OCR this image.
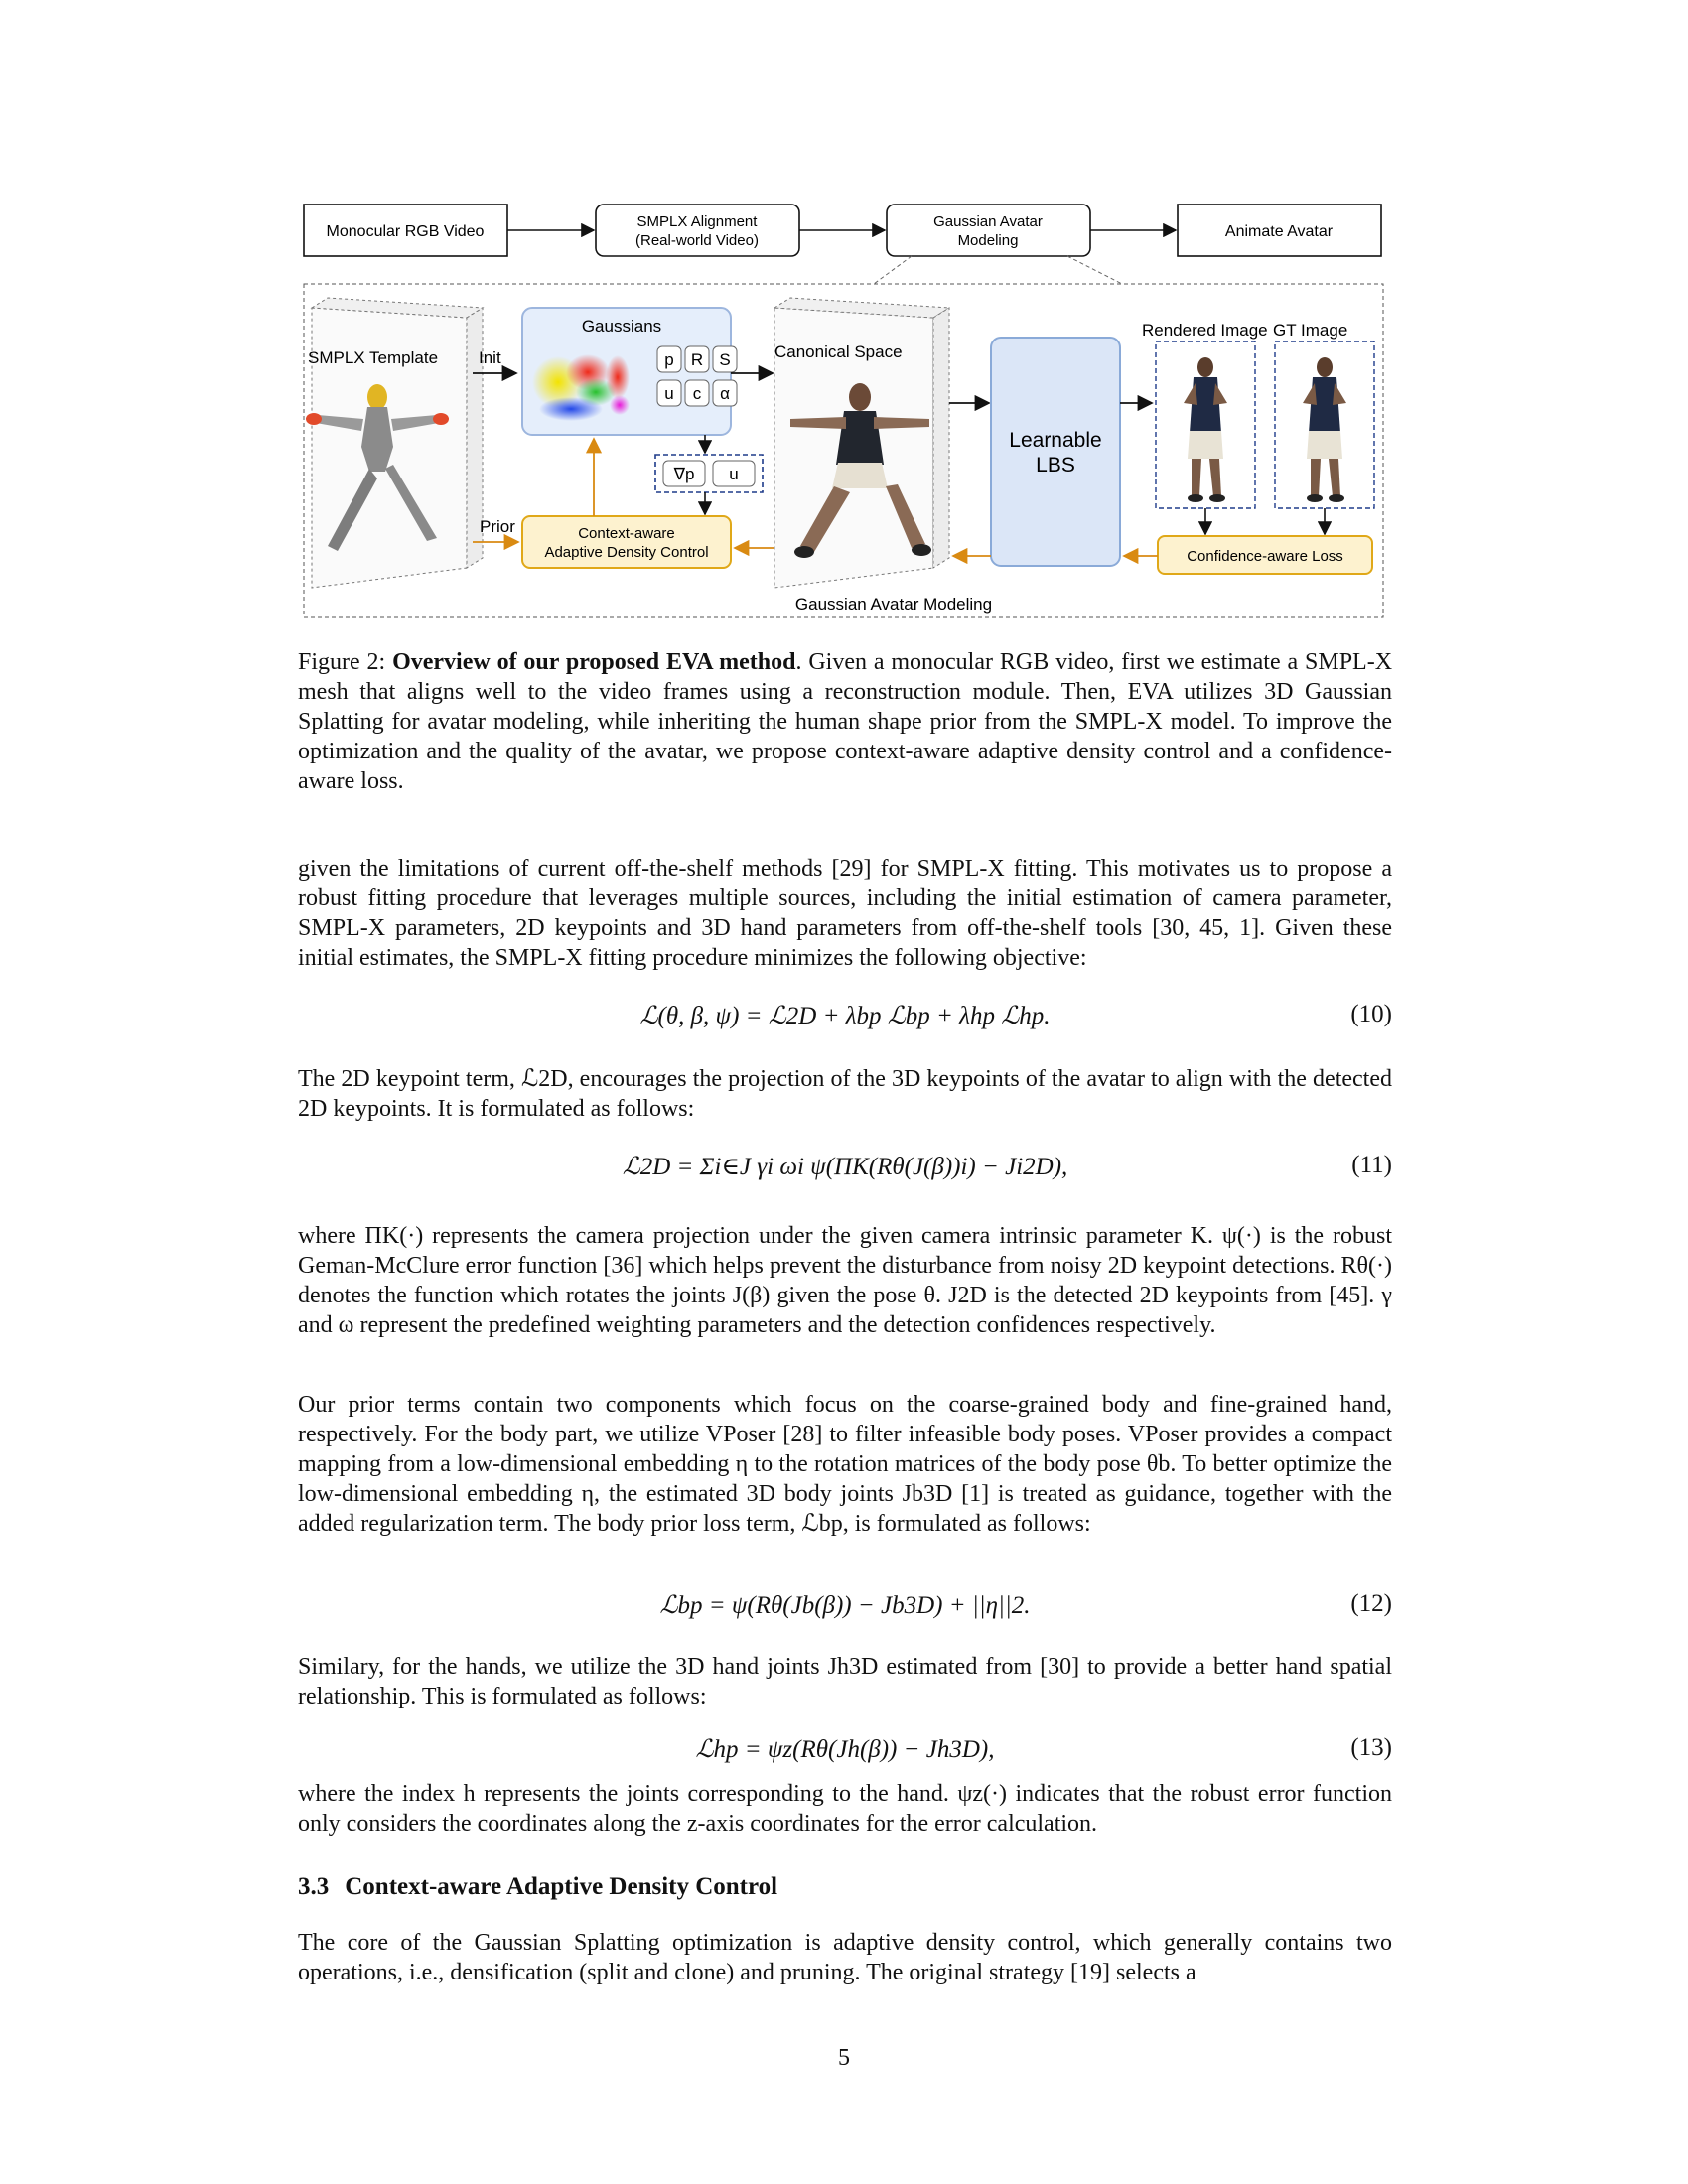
Monocular RGB Video
SMPLX Alignment
(Real-world Video)
Gaussian Avatar
Modeling
Animate Avatar
SMPLX Template Init
Gaussians
p R S
u c α
∇p u
Context-aware
Adaptive Density Control
Prior
Canonical Space
Learnable
LBS
Rendered Image GT Image
Confidence-aware Loss
Gaussian Avatar Modeling
Figure 2: Overview of our proposed EVA method. Given a monocular RGB video, first we estimate a SMPL-X mesh that aligns well to the video frames using a reconstruction module. Then, EVA utilizes 3D Gaussian Splatting for avatar modeling, while inheriting the human shape prior from the SMPL-X model. To improve the optimization and the quality of the avatar, we propose context-aware adaptive density control and a confidence-aware loss.
given the limitations of current off-the-shelf methods [29] for SMPL-X fitting. This motivates us to propose a robust fitting procedure that leverages multiple sources, including the initial estimation of camera parameter, SMPL-X parameters, 2D keypoints and 3D hand parameters from off-the-shelf tools [30, 45, 1]. Given these initial estimates, the SMPL-X fitting procedure minimizes the following objective:
ℒ(θ, β, ψ) = ℒ2D + λbp ℒbp + λhp ℒhp.	(10)
The 2D keypoint term, ℒ2D, encourages the projection of the 3D keypoints of the avatar to align with the detected 2D keypoints. It is formulated as follows:
ℒ2D = Σi∈J γi ωi ψ(ΠK(Rθ(J(β))i) − Ji2D),	(11)
where ΠK(·) represents the camera projection under the given camera intrinsic parameter K. ψ(·) is the robust Geman-McClure error function [36] which helps prevent the disturbance from noisy 2D keypoint detections. Rθ(·) denotes the function which rotates the joints J(β) given the pose θ. J2D is the detected 2D keypoints from [45]. γ and ω represent the predefined weighting parameters and the detection confidences respectively.
Our prior terms contain two components which focus on the coarse-grained body and fine-grained hand, respectively. For the body part, we utilize VPoser [28] to filter infeasible body poses. VPoser provides a compact mapping from a low-dimensional embedding η to the rotation matrices of the body pose θb. To better optimize the low-dimensional embedding η, the estimated 3D body joints Jb3D [1] is treated as guidance, together with the added regularization term. The body prior loss term, ℒbp, is formulated as follows:
ℒbp = ψ(Rθ(Jb(β)) − Jb3D) + ||η||2.	(12)
Similary, for the hands, we utilize the 3D hand joints Jh3D estimated from [30] to provide a better hand spatial relationship. This is formulated as follows:
ℒhp = ψz(Rθ(Jh(β)) − Jh3D),	(13)
where the index h represents the joints corresponding to the hand. ψz(·) indicates that the robust error function only considers the coordinates along the z-axis coordinates for the error calculation.
3.3 Context-aware Adaptive Density Control
The core of the Gaussian Splatting optimization is adaptive density control, which generally contains two operations, i.e., densification (split and clone) and pruning. The original strategy [19] selects a
5
